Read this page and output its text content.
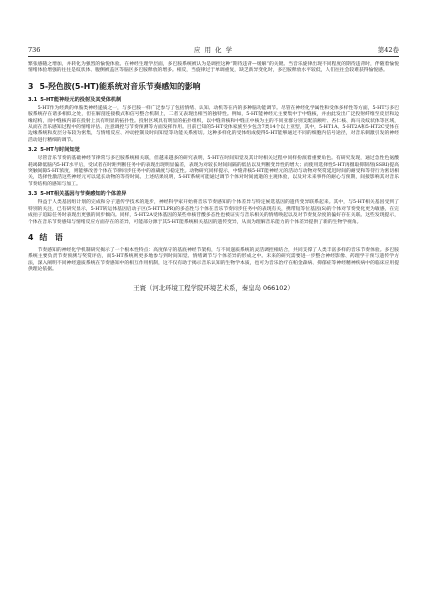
736	应 用 化 学	第42卷

繁张感随之增加，并转化为强烈的愉悦体验。在神经生理学层面，多巴胺系统被认为是调控这种“期待违背—缓解”的关键。当音乐旋律出现不同程度的期待违背时，伴随着愉悦情绪体验增强的往往是纹状体、腹侧被盖区等脑区多巴胺释放的增多。相反，当旋律过于单调重复，缺乏新异变化时，多巴胺释放水平较低，人们往往会较难获得愉悦感。

3 5-羟色胺(5-HT)能系统对音乐节奏感知的影响
3.1 5-HT能神经元的投射及其受体机制

5-HT作为经典的单胺类神经递质之一，与多巴胺一样广泛参与了包括情绪、认知、动机等在内的多种脑功能调节。尽管在神经化学属性和受体多样性等方面，5-HT与多巴胺系统存在诸多相似之处，但在解剖连接模式和信号整合机制上，二者又表现出相当的独特性。例如，5-HT能神经元主要集中于中缝核，并由此发出广泛投射纤维至皮层和边缘结构，而中缝核内部在投射上具有明显的拓扑性。投射区域具有明显的拓扑组织，以中缝背核和中缝正中核为主的不同亚群分别支配前额叶、杏仁核、海马及纹状体等区域，从而在音乐感知过程中的情绪评估、注意调控与节奏预测等方面发挥作用。目前已知的5-HT受体家族至少包含7类14个以上亚型，其中，5-HT1A、5-HT2A和5-HT2C受体在边缘系统和皮层分布较为密集，与情绪反应、冲动控制及时间知觉等功能关系密切。这种多样化的受体组成使得5-HT能够通过不同的细胞内信号途径，对音乐刺激引发的神经活动进行精细的调节。

3.2 5-HT与时间知觉

尽管音乐节奏的基础神经节律常与多巴胺系统相关联，但越来越多的研究表明，5-HT在时间知觉及其计时相关过程中同样扮演着重要角色。有研究发现，通过急性色氨酸耗竭降低脑内5-HT水平后，受试者在时距判断任务中的表现出现明显偏差，表现为对较长时间间隔的低估以及判断变异性的增大；而使用选择性5-HT再摄取抑制剂(SSRI)提高突触间隙5-HT浓度，则能够改善个体在节律同步任务中的准确度与稳定性。动物研究同样提示，中缝背核5-HT能神经元的活动与动物对奖赏延迟时间的耐受和等待行为密切相关，选择性激活这些神经元可以延长动物的等待时间。上述结果说明，5-HT系统可能通过调节个体对时间流逝的主观体验，以及对未来事件的耐心与预期，间接影响其对音乐节奏结构的感知与加工。

3.3 5-HT相关基因与节奏感知的个体差异

得益于人类基因组计划的完成和分子遗传学技术的进步，神经科学家开始将音乐节奏感知的个体差异与特定候选基因的遗传变异联系起来。其中，与5-HT相关基因受到了特别的关注，已有研究显示，5-HT转运体基因启动子区(5-HTTLPR)的多态性与个体在音乐节奏同步任务中的表现有关，携带短等位基因(S)的个体对节奏变化更为敏感，在完成拍子追踪任务时表现出更强的同步倾向。同样，5-HT2A受体基因的某些单核苷酸多态性也被证实与音乐相关的情绪唤起以及对节奏复杂度的偏好存在关联。这些发现提示，个体在音乐节奏感知与情绪反应方面存在的差异，可能部分源于其5-HT能系统相关基因的遗传变异，从而为理解音乐能力的个体差异提供了新的生物学视角。

4 结　语

节奏感知的神经化学机制研究揭示了一个根本性特点：高度保守的基底神经节架构，与不同递质系统的灵活调控相结合，共同支撑了人类丰富多样的音乐节奏体验。多巴胺系统主要负责节奏预测与奖赏评估，而5-HT系统则更多地参与到时间知觉、情绪调节与个体差异的形成之中。未来的研究需要进一步整合神经影像、药理学干预与遗传学方法，深入阐明不同神经递质系统在节奏感知中的相互作用机制，这不仅有助于揭示音乐认知的生物学本质，也可为音乐治疗在帕金森病、抑郁症等神经精神疾病中的临床应用提供理论依据。

王寰（河北环境工程学院环境艺术系，秦皇岛 066102）
